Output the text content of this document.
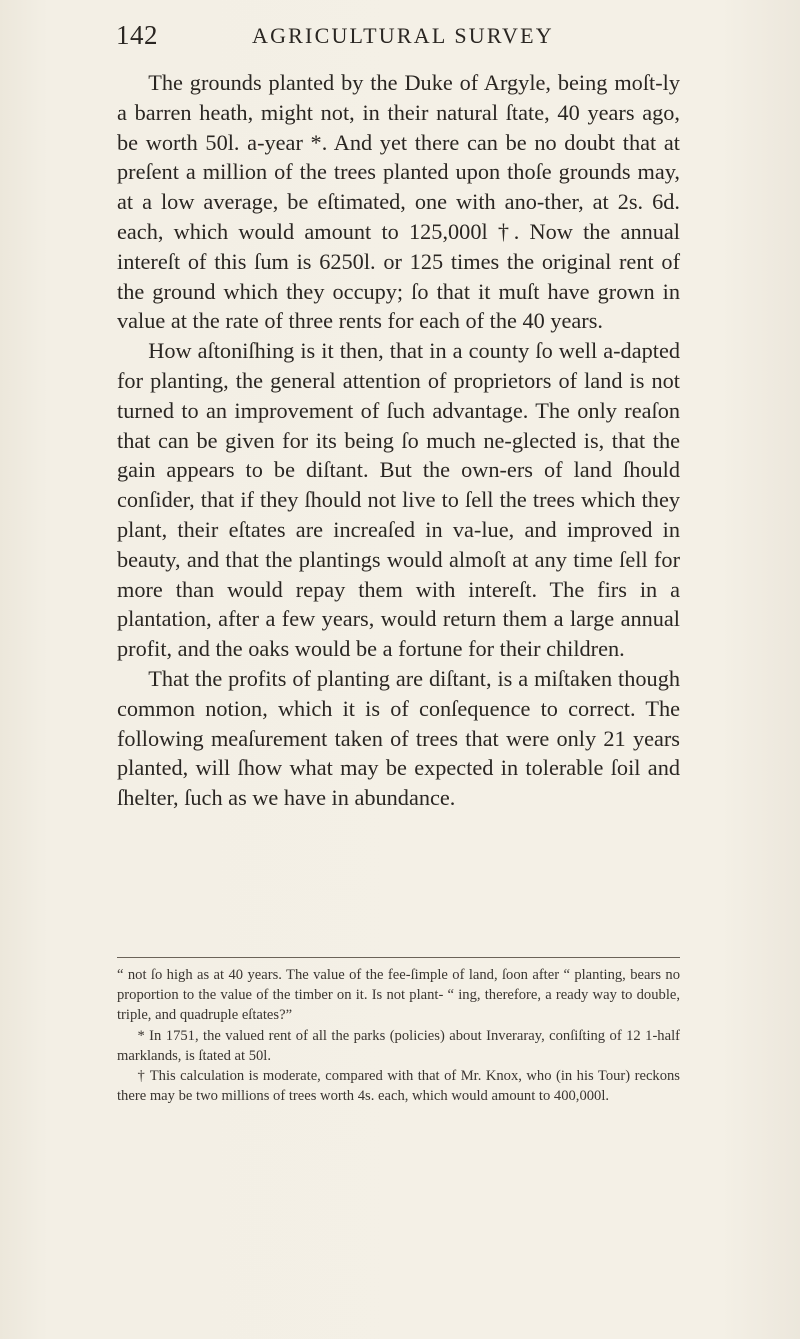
142	AGRICULTURAL SURVEY

The grounds planted by the Duke of Argyle, being moſt-ly a barren heath, might not, in their natural ſtate, 40 years ago, be worth 50l. a-year *. And yet there can be no doubt that at preſent a million of the trees planted upon thoſe grounds may, at a low average, be eſtimated, one with ano-ther, at 2s. 6d. each, which would amount to 125,000l †. Now the annual intereſt of this ſum is 6250l. or 125 times the original rent of the ground which they occupy; ſo that it muſt have grown in value at the rate of three rents for each of the 40 years.

How aſtoniſhing is it then, that in a county ſo well a-dapted for planting, the general attention of proprietors of land is not turned to an improvement of ſuch advantage. The only reaſon that can be given for its being ſo much ne-glected is, that the gain appears to be diſtant. But the own-ers of land ſhould conſider, that if they ſhould not live to ſell the trees which they plant, their eſtates are increaſed in va-lue, and improved in beauty, and that the plantings would almoſt at any time ſell for more than would repay them with intereſt. The firs in a plantation, after a few years, would return them a large annual profit, and the oaks would be a fortune for their children.

That the profits of planting are diſtant, is a miſtaken though common notion, which it is of conſequence to correct. The following meaſurement taken of trees that were only 21 years planted, will ſhow what may be expected in tolerable ſoil and ſhelter, ſuch as we have in abundance.

“ not ſo high as at 40 years. The value of the fee-ſimple of land, ſoon after “ planting, bears no proportion to the value of the timber on it. Is not plant- “ ing, therefore, a ready way to double, triple, and quadruple eſtates?”

* In 1751, the valued rent of all the parks (policies) about Inveraray, conſiſting of 12 1-half marklands, is ſtated at 50l.

† This calculation is moderate, compared with that of Mr. Knox, who (in his Tour) reckons there may be two millions of trees worth 4s. each, which would amount to 400,000l.
